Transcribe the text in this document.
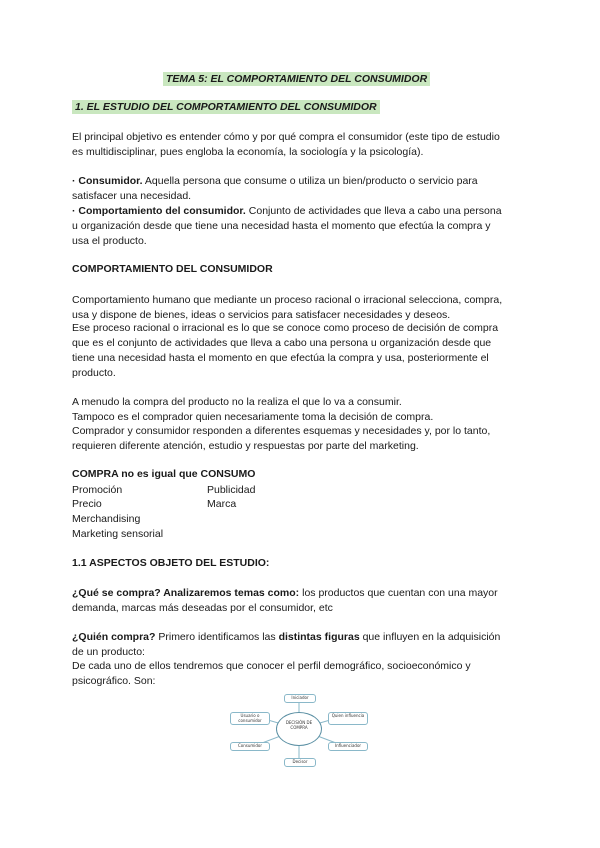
TEMA 5: EL COMPORTAMIENTO DEL CONSUMIDOR
1. EL ESTUDIO DEL COMPORTAMIENTO DEL CONSUMIDOR
El principal objetivo es entender cómo y por qué compra el consumidor (este tipo de estudio
es multidisciplinar, pues engloba la economía, la sociología y la psicología).
· Consumidor. Aquella persona que consume o utiliza un bien/producto o servicio para
satisfacer una necesidad.
· Comportamiento del consumidor. Conjunto de actividades que lleva a cabo una persona
u organización desde que tiene una necesidad hasta el momento que efectúa la compra y
usa el producto.
COMPORTAMIENTO DEL CONSUMIDOR
Comportamiento humano que mediante un proceso racional o irracional selecciona, compra,
usa y dispone de bienes, ideas o servicios para satisfacer necesidades y deseos.
Ese proceso racional o irracional es lo que se conoce como proceso de decisión de compra
que es el conjunto de actividades que lleva a cabo una persona u organización desde que
tiene una necesidad hasta el momento en que efectúa la compra y usa, posteriormente el
producto.
A menudo la compra del producto no la realiza el que lo va a consumir.
Tampoco es el comprador quien necesariamente toma la decisión de compra.
Comprador y consumidor responden a diferentes esquemas y necesidades y, por lo tanto,
requieren diferente atención, estudio y respuestas por parte del marketing.
COMPRA no es igual que CONSUMO
Promoción
Precio
Merchandising
Marketing sensorial
Publicidad
Marca
1.1 ASPECTOS OBJETO DEL ESTUDIO:
¿Qué se compra? Analizaremos temas como: los productos que cuentan con una mayor
demanda, marcas más deseadas por el consumidor, etc
¿Quién compra? Primero identificamos las distintas figuras que influyen en la adquisición
de un producto:
De cada uno de ellos tendremos que conocer el perfil demográfico, socioeconómico y
psicográfico. Son:
DECISIÓN DE COMPRA
Iniciador
Usuario o consumidor
Quien influencia
Consumidor	Influenciador
Decisor
